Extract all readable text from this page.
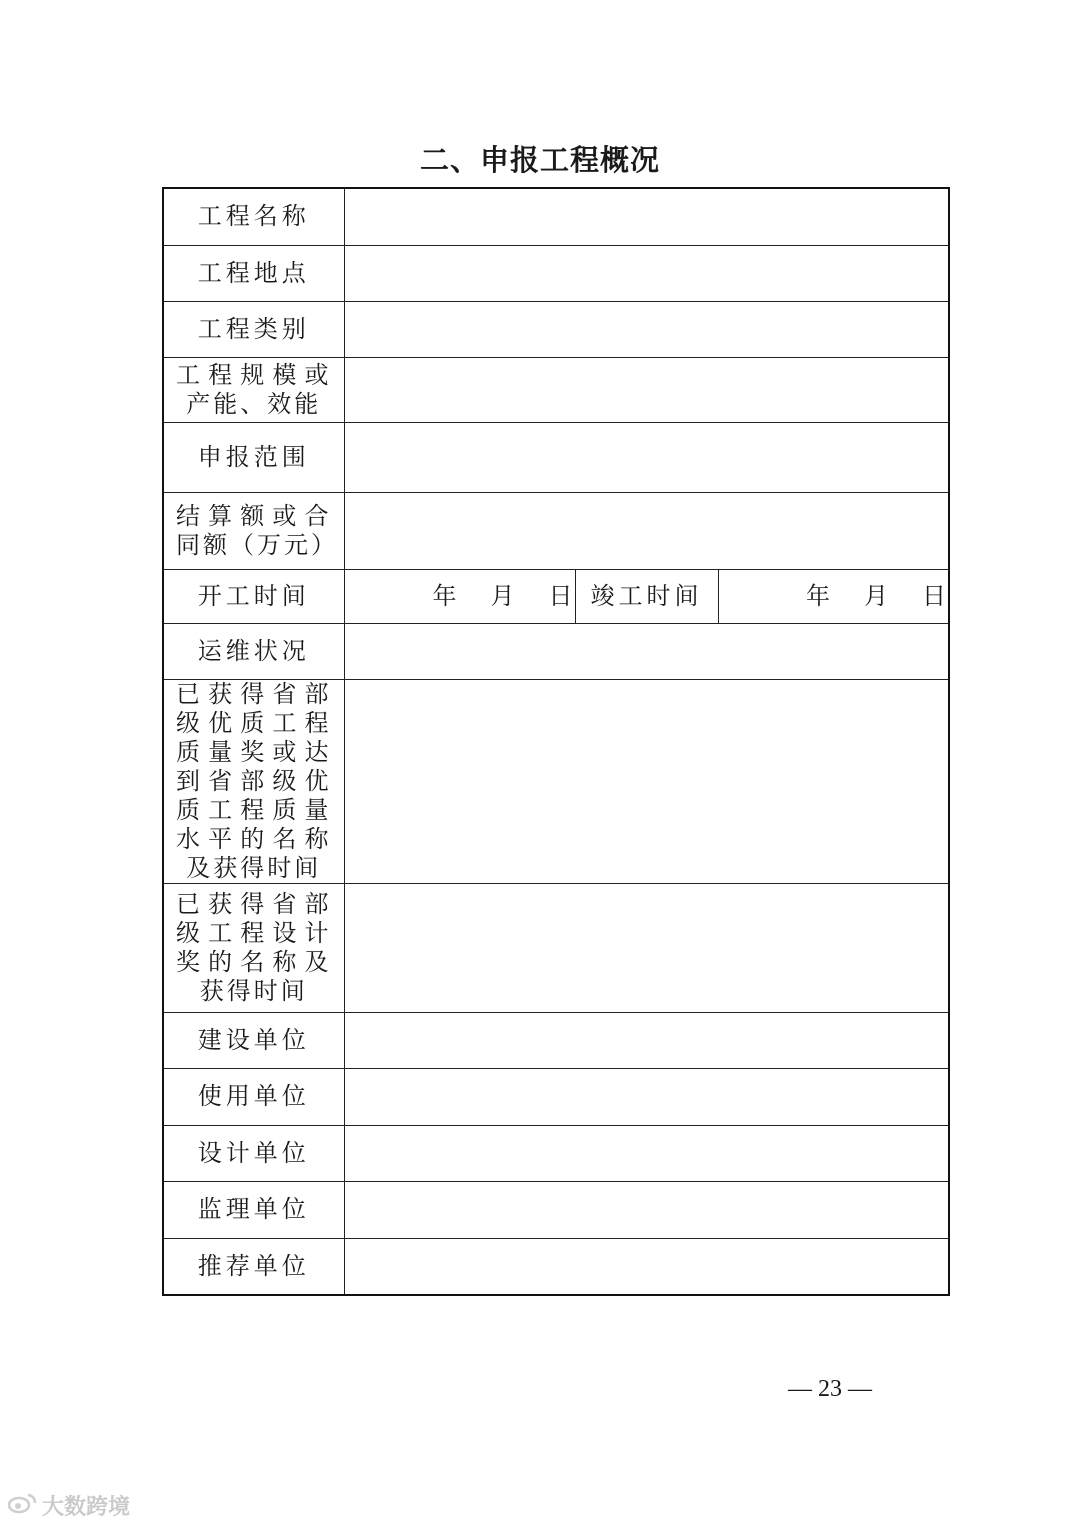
二、申报工程概况
工程名称			
工程地点			
工程类别			
工程规模或产能、效能			
申报范围			
结算额或合同额（万元）			
开工时间	年 月 日	竣工时间	年 月 日
运维状况			
已获得省部级优质工程质量奖或达到省部级优质工程质量水平的名称及获得时间			
已获得省部级工程设计奖的名称及获得时间			
建设单位			
使用单位			
设计单位			
监理单位			
推荐单位			
— 23 —
大数跨境
